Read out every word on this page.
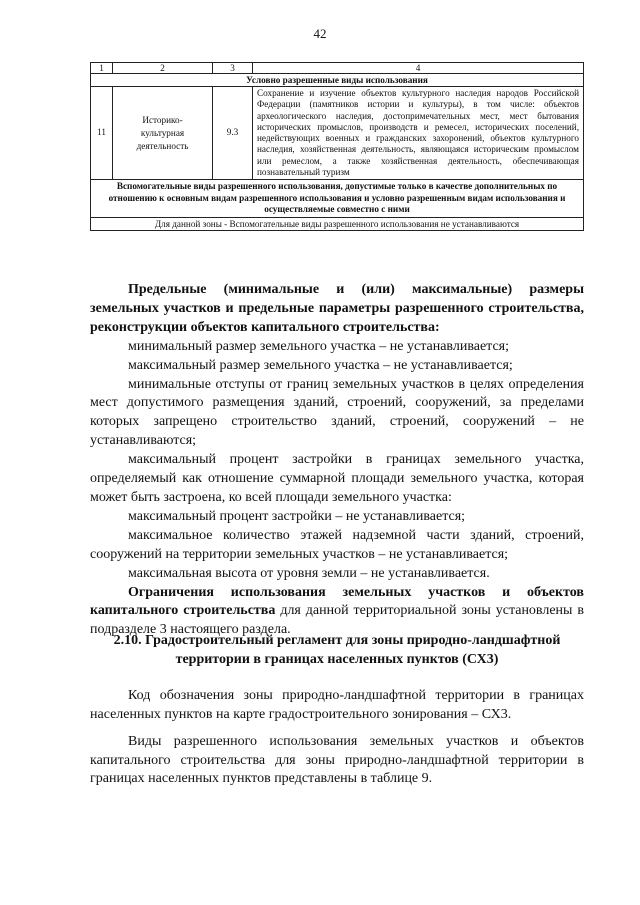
42
1	2	3	4
Условно разрешенные виды использования			
11	Историко-культурная деятельность	9.3	Сохранение и изучение объектов культурного наследия народов Российской Федерации (памятников истории и культуры), в том числе: объектов археологического наследия, достопримечательных мест, мест бытования исторических промыслов, производств и ремесел, исторических поселений, недействующих военных и гражданских захоронений, объектов культурного наследия, хозяйственная деятельность, являющаяся историческим промыслом или ремеслом, а также хозяйственная деятельность, обеспечивающая познавательный туризм
Вспомогательные виды разрешенного использования, допустимые только в качестве дополнительных по отношению к основным видам разрешенного использования и условно разрешенным видам использования и осуществляемые совместно с ними			
Для данной зоны - Вспомогательные виды разрешенного использования не устанавливаются			

Предельные (минимальные и (или) максимальные) размеры земельных участков и предельные параметры разрешенного строительства, реконструкции объектов капитального строительства:

минимальный размер земельного участка – не устанавливается;

максимальный размер земельного участка – не устанавливается;

минимальные отступы от границ земельных участков в целях определения мест допустимого размещения зданий, строений, сооружений, за пределами которых запрещено строительство зданий, строений, сооружений – не устанавливаются;

максимальный процент застройки в границах земельного участка, определяемый как отношение суммарной площади земельного участка, которая может быть застроена, ко всей площади земельного участка:

максимальный процент застройки – не устанавливается;

максимальное количество этажей надземной части зданий, строений, сооружений на территории земельных участков – не устанавливается;

максимальная высота от уровня земли – не устанавливается.

Ограничения использования земельных участков и объектов капитального строительства для данной территориальной зоны установлены в подразделе 3 настоящего раздела.

2.10. Градостроительный регламент для зоны природно-ландшафтной территории в границах населенных пунктов (СХ3)

Код обозначения зоны природно-ландшафтной территории в границах населенных пунктов на карте градостроительного зонирования – СХ3.

Виды разрешенного использования земельных участков и объектов капитального строительства для зоны природно-ландшафтной территории в границах населенных пунктов представлены в таблице 9.
